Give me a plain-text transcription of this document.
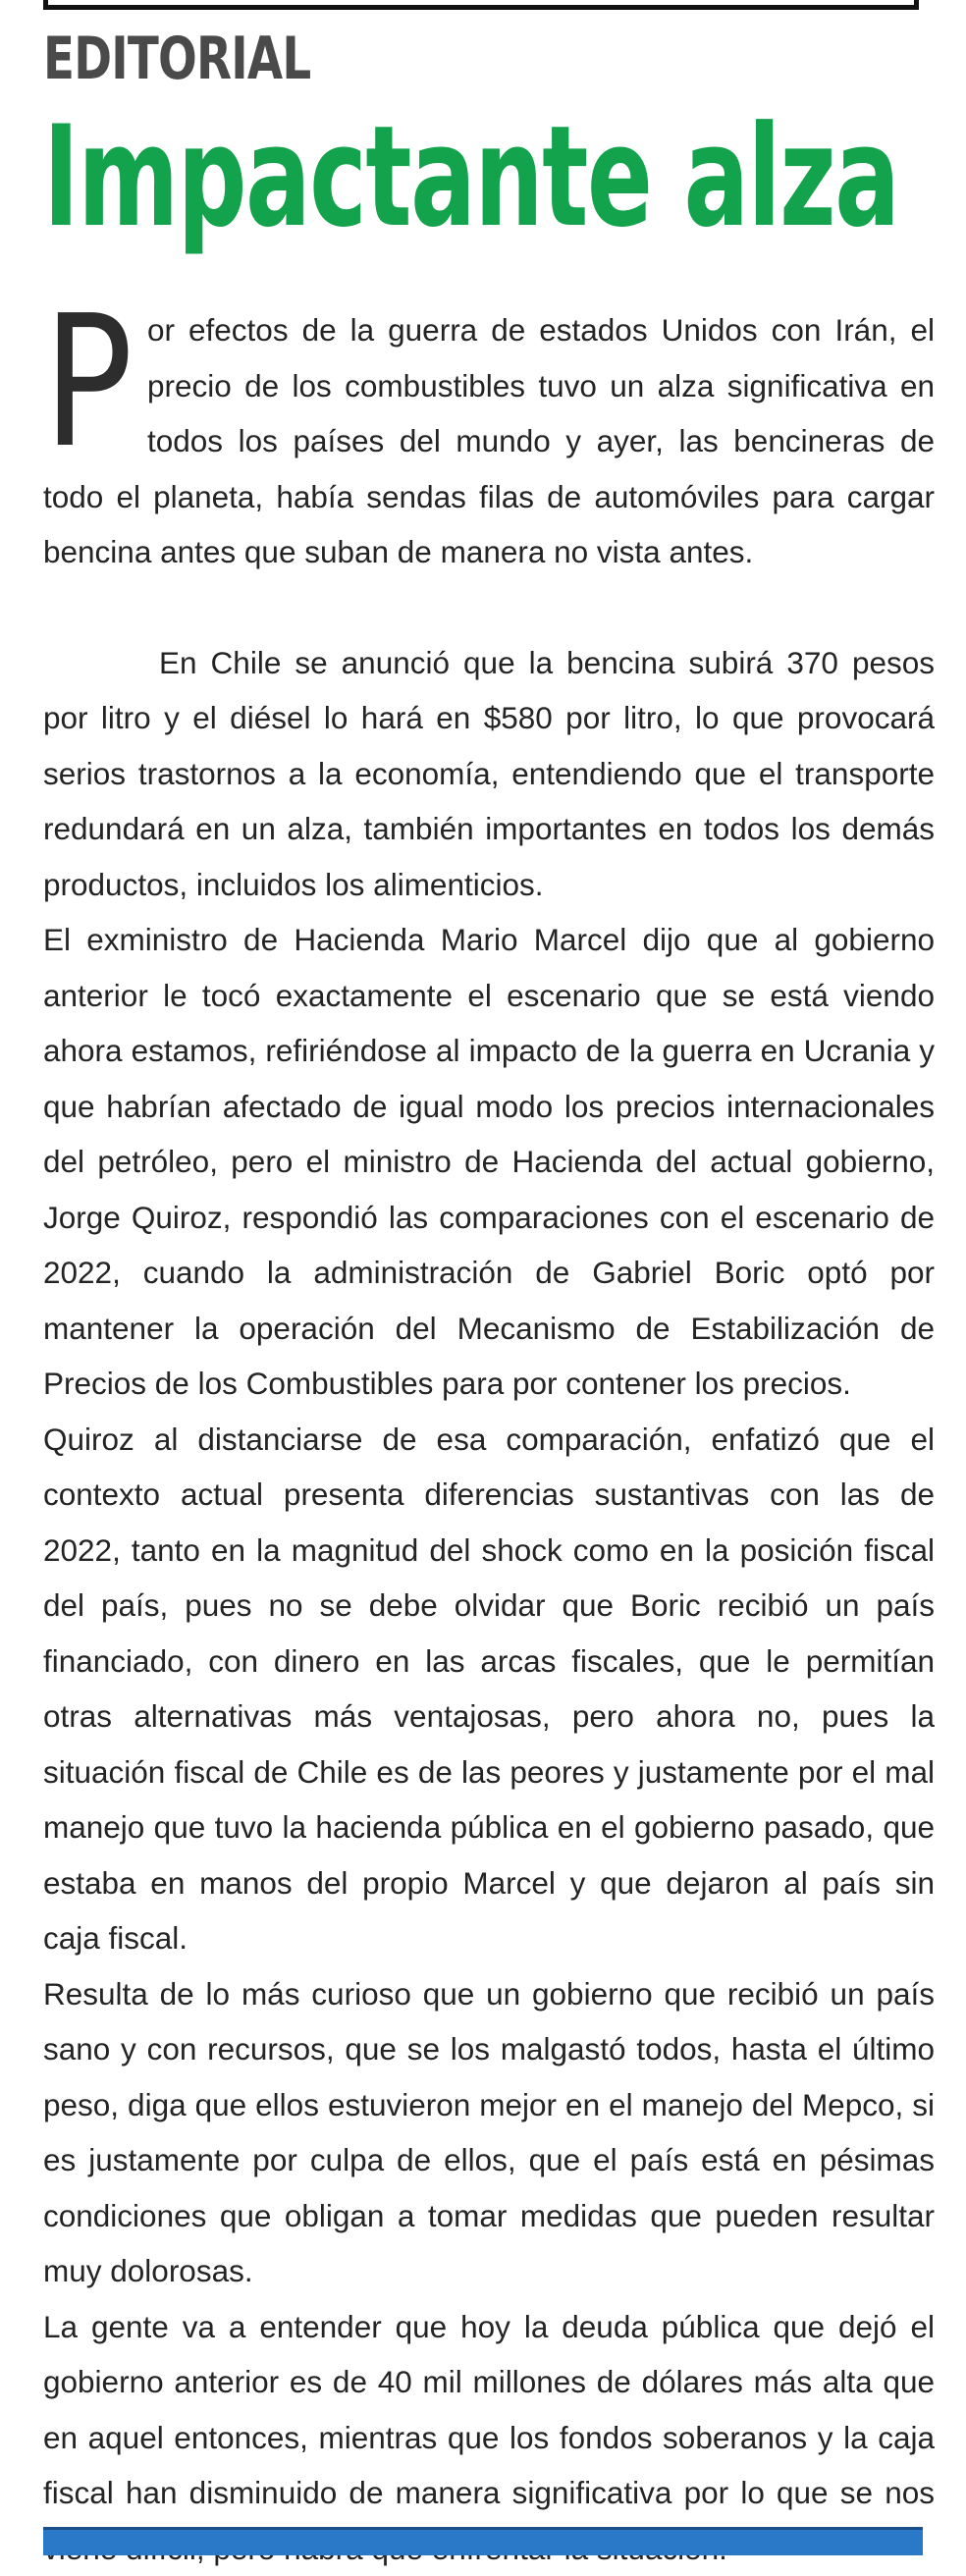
EDITORIAL
Impactante alza

Por efectos de la guerra de estados Unidos con Irán, el precio de los combustibles tuvo un alza significativa en todos los países del mundo y ayer, las bencineras de todo el planeta, había sendas filas de automóviles para cargar bencina antes que suban de manera no vista antes.

En Chile se anunció que la bencina subirá 370 pesos por litro y el diésel lo hará en $580 por litro, lo que provocará serios trastornos a la economía, entendiendo que el transporte redundará en un alza, también importantes en todos los demás productos, incluidos los alimenticios.

El exministro de Hacienda Mario Marcel dijo que al gobierno anterior le tocó exactamente el escenario que se está viendo ahora estamos, refiriéndose al impacto de la guerra en Ucrania y que habrían afectado de igual modo los precios internacionales del petróleo, pero el ministro de Hacienda del actual gobierno, Jorge Quiroz, respondió las comparaciones con el escenario de 2022, cuando la administración de Gabriel Boric optó por mantener la operación del Mecanismo de Estabilización de Precios de los Combustibles para por contener los precios.

Quiroz al distanciarse de esa comparación, enfatizó que el contexto actual presenta diferencias sustantivas con las de 2022, tanto en la magnitud del shock como en la posición fiscal del país, pues no se debe olvidar que Boric recibió un país financiado, con dinero en las arcas fiscales, que le permitían otras alternativas más ventajosas, pero ahora no, pues la situación fiscal de Chile es de las peores y justamente por el mal manejo que tuvo la hacienda pública en el gobierno pasado, que estaba en manos del propio Marcel y que dejaron al país sin caja fiscal.

Resulta de lo más curioso que un gobierno que recibió un país sano y con recursos, que se los malgastó todos, hasta el último peso, diga que ellos estuvieron mejor en el manejo del Mepco, si es justamente por culpa de ellos, que el país está en pésimas condiciones que obligan a tomar medidas que pueden resultar muy dolorosas.

La gente va a entender que hoy la deuda pública que dejó el gobierno anterior es de 40 mil millones de dólares más alta que en aquel entonces, mientras que los fondos soberanos y la caja fiscal han disminuido de manera significativa por lo que se nos
